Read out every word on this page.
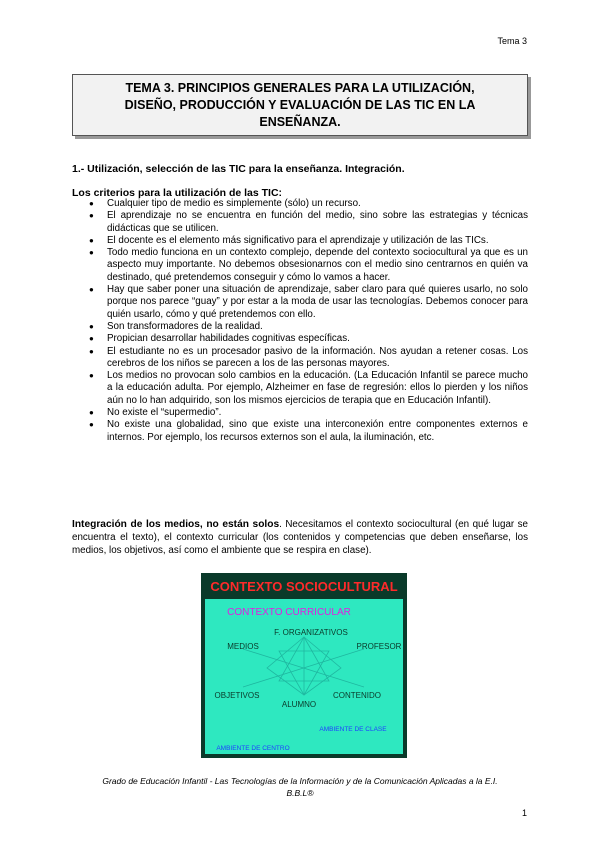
Tema 3
TEMA 3. PRINCIPIOS GENERALES PARA LA UTILIZACIÓN,
DISEÑO, PRODUCCIÓN Y EVALUACIÓN DE LAS TIC EN LA
ENSEÑANZA.
1.- Utilización, selección de las TIC para la enseñanza. Integración.
Los criterios para la utilización de las TIC:
● Cualquier tipo de medio es simplemente (sólo) un recurso.
● El aprendizaje no se encuentra en función del medio, sino sobre las estrategias y técnicas didácticas que se utilicen.
● El docente es el elemento más significativo para el aprendizaje y utilización de las TICs.
● Todo medio funciona en un contexto complejo, depende del contexto sociocultural ya que es un aspecto muy importante. No debemos obsesionarnos con el medio sino centrarnos en quién va destinado, qué pretendemos conseguir y cómo lo vamos a hacer.
● Hay que saber poner una situación de aprendizaje, saber claro para qué quieres usarlo, no solo porque nos parece “guay” y por estar a la moda de usar las tecnologías. Debemos conocer para quién usarlo, cómo y qué pretendemos con ello.
● Son transformadores de la realidad.
● Propician desarrollar habilidades cognitivas específicas.
● El estudiante no es un procesador pasivo de la información. Nos ayudan a retener cosas. Los cerebros de los niños se parecen a los de las personas mayores.
● Los medios no provocan solo cambios en la educación. (La Educación Infantil se parece mucho a la educación adulta. Por ejemplo, Alzheimer en fase de regresión: ellos lo pierden y los niños aún no lo han adquirido, son los mismos ejercicios de terapia que en Educación Infantil).
● No existe el “supermedio”.
● No existe una globalidad, sino que existe una interconexión entre componentes externos e internos. Por ejemplo, los recursos externos son el aula, la iluminación, etc.
Integración de los medios, no están solos. Necesitamos el contexto sociocultural (en qué lugar se encuentra el texto), el contexto curricular (los contenidos y competencias que deben enseñarse, los medios, los objetivos, así como el ambiente que se respira en clase).
CONTEXTO SOCIOCULTURAL
CONTEXTO CURRICULAR
F. ORGANIZATIVOS
MEDIOS	PROFESOR
OBJETIVOS	CONTENIDO
ALUMNO
AMBIENTE DE CLASE
AMBIENTE DE CENTRO
Grado de Educación Infantil - Las Tecnologías de la Información y de la Comunicación Aplicadas a la E.I.
B.B.L®
1
